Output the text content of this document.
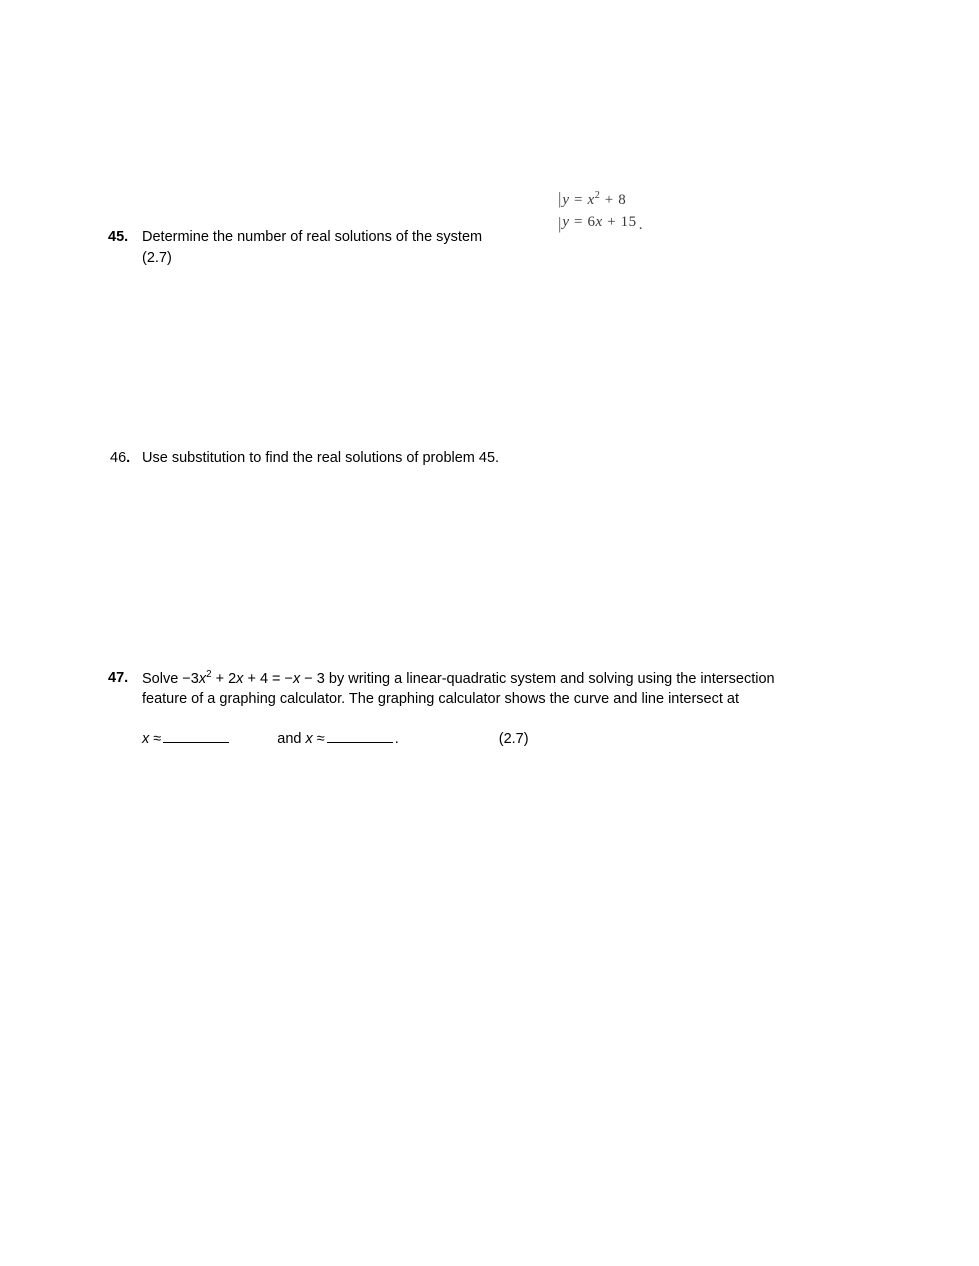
45. Determine the number of real solutions of the system
(2.7)
|
|
$y = x^2 + 8$
y = 6x + 15 .
46. Use substitution to find the real solutions of problem 45.
47. Solve $-3x^2 + 2x + 4 = -x - 3$ by writing a linear-quadratic system and solving using the intersection
feature of a graphing calculator. The graphing calculator shows the curve and line intersect at
x ≈	and x ≈	.	(2.7)
